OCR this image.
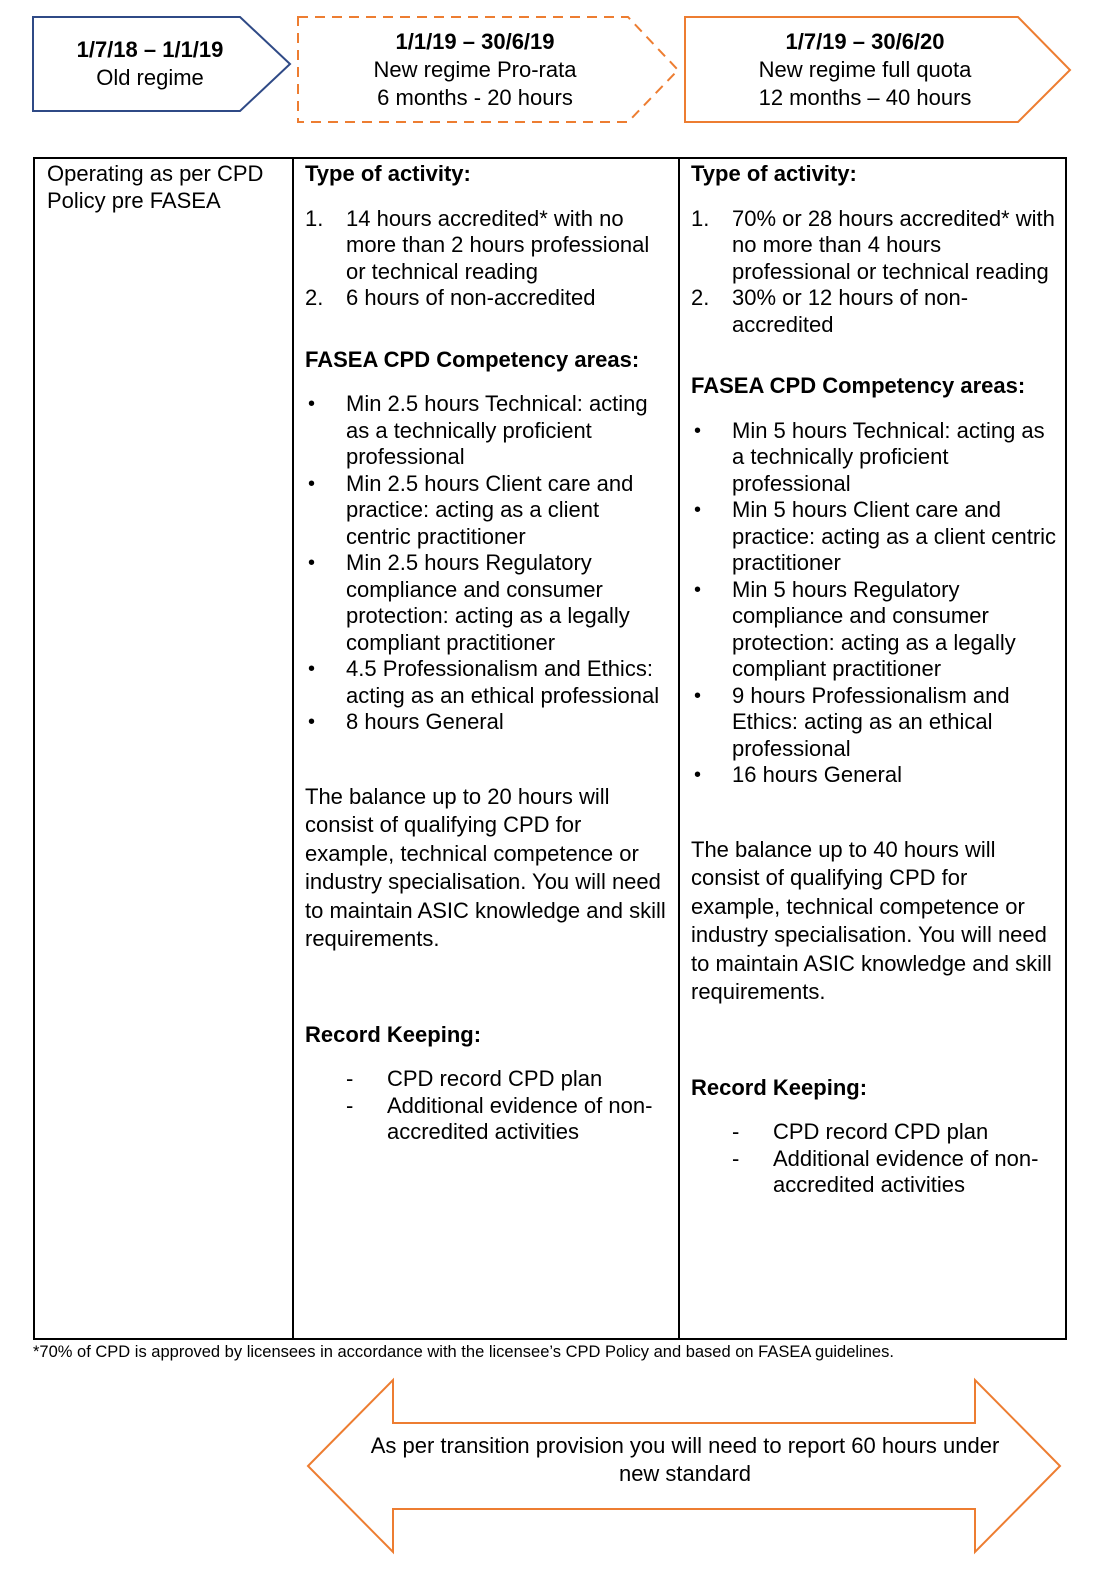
1/7/18 – 1/1/19
Old regime
1/1/19 – 30/6/19
New regime Pro-rata
6 months - 20 hours
1/7/19 – 30/6/20
New regime full quota
12 months – 40 hours

Operating as per CPD Policy pre FASEA

Type of activity:

1. 14 hours accredited* with no more than 2 hours professional or technical reading
2. 6 hours of non-accredited

FASEA CPD Competency areas:

• Min 2.5 hours Technical: acting as a technically proficient professional
• Min 2.5 hours Client care and practice: acting as a client centric practitioner
• Min 2.5 hours Regulatory compliance and consumer protection: acting as a legally compliant practitioner
• 4.5 Professionalism and Ethics: acting as an ethical professional
• 8 hours General

The balance up to 20 hours will consist of qualifying CPD for example, technical competence or industry specialisation. You will need to maintain ASIC knowledge and skill requirements.

Record Keeping:

- CPD record CPD plan
- Additional evidence of non-accredited activities

Type of activity:

1. 70% or 28 hours accredited* with no more than 4 hours professional or technical reading
2. 30% or 12 hours of non-accredited

FASEA CPD Competency areas:

• Min 5 hours Technical: acting as a technically proficient professional
• Min 5 hours Client care and practice: acting as a client centric practitioner
• Min 5 hours Regulatory compliance and consumer protection: acting as a legally compliant practitioner
• 9 hours Professionalism and Ethics: acting as an ethical professional
• 16 hours General

The balance up to 40 hours will consist of qualifying CPD for example, technical competence or industry specialisation. You will need to maintain ASIC knowledge and skill requirements.

Record Keeping:

- CPD record CPD plan
- Additional evidence of non-accredited activities
*70% of CPD is approved by licensees in accordance with the licensee’s CPD Policy and based on FASEA guidelines.
As per transition provision you will need to report 60 hours under new standard
